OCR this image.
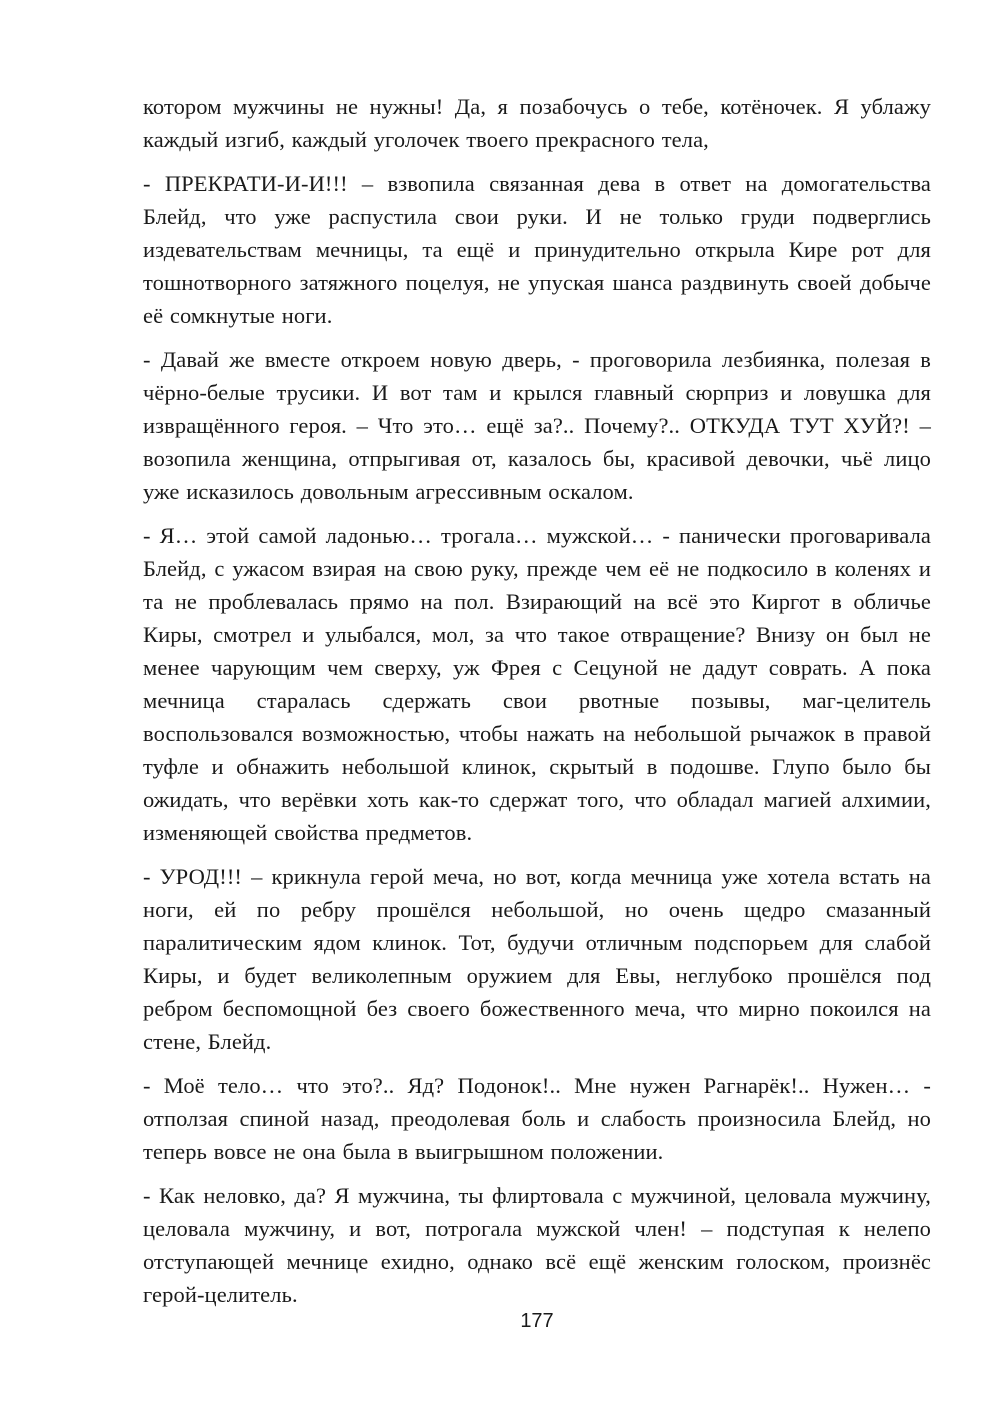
котором мужчины не нужны! Да, я позабочусь о тебе, котёночек. Я ублажу каждый изгиб, каждый уголочек твоего прекрасного тела,

- ПРЕКРАТИ-И-И!!! – взвопила связанная дева в ответ на домогательства Блейд, что уже распустила свои руки. И не только груди подверглись издевательствам мечницы, та ещё и принудительно открыла Кире рот для тошнотворного затяжного поцелуя, не упуская шанса раздвинуть своей добыче её сомкнутые ноги.

- Давай же вместе откроем новую дверь, - проговорила лезбиянка, полезая в чёрно-белые трусики. И вот там и крылся главный сюрприз и ловушка для извращённого героя. – Что это… ещё за?.. Почему?.. ОТКУДА ТУТ ХУЙ?! – возопила женщина, отпрыгивая от, казалось бы, красивой девочки, чьё лицо уже исказилось довольным агрессивным оскалом.

- Я… этой самой ладонью… трогала… мужской… - панически проговаривала Блейд, с ужасом взирая на свою руку, прежде чем её не подкосило в коленях и та не проблевалась прямо на пол. Взирающий на всё это Киргот в обличье Киры, смотрел и улыбался, мол, за что такое отвращение? Внизу он был не менее чарующим чем сверху, уж Фрея с Сецуной не дадут соврать. А пока мечница старалась сдержать свои рвотные позывы, маг-целитель воспользовался возможностью, чтобы нажать на небольшой рычажок в правой туфле и обнажить небольшой клинок, скрытый в подошве. Глупо было бы ожидать, что верёвки хоть как-то сдержат того, что обладал магией алхимии, изменяющей свойства предметов.

- УРОД!!! – крикнула герой меча, но вот, когда мечница уже хотела встать на ноги, ей по ребру прошёлся небольшой, но очень щедро смазанный паралитическим ядом клинок. Тот, будучи отличным подспорьем для слабой Киры, и будет великолепным оружием для Евы, неглубоко прошёлся под ребром беспомощной без своего божественного меча, что мирно покоился на стене, Блейд.

- Моё тело… что это?.. Яд? Подонок!.. Мне нужен Рагнарёк!.. Нужен… - отползая спиной назад, преодолевая боль и слабость произносила Блейд, но теперь вовсе не она была в выигрышном положении.

- Как неловко, да? Я мужчина, ты флиртовала с мужчиной, целовала мужчину, целовала мужчину, и вот, потрогала мужской член! – подступая к нелепо отступающей мечнице ехидно, однако всё ещё женским голоском, произнёс герой-целитель.

177
